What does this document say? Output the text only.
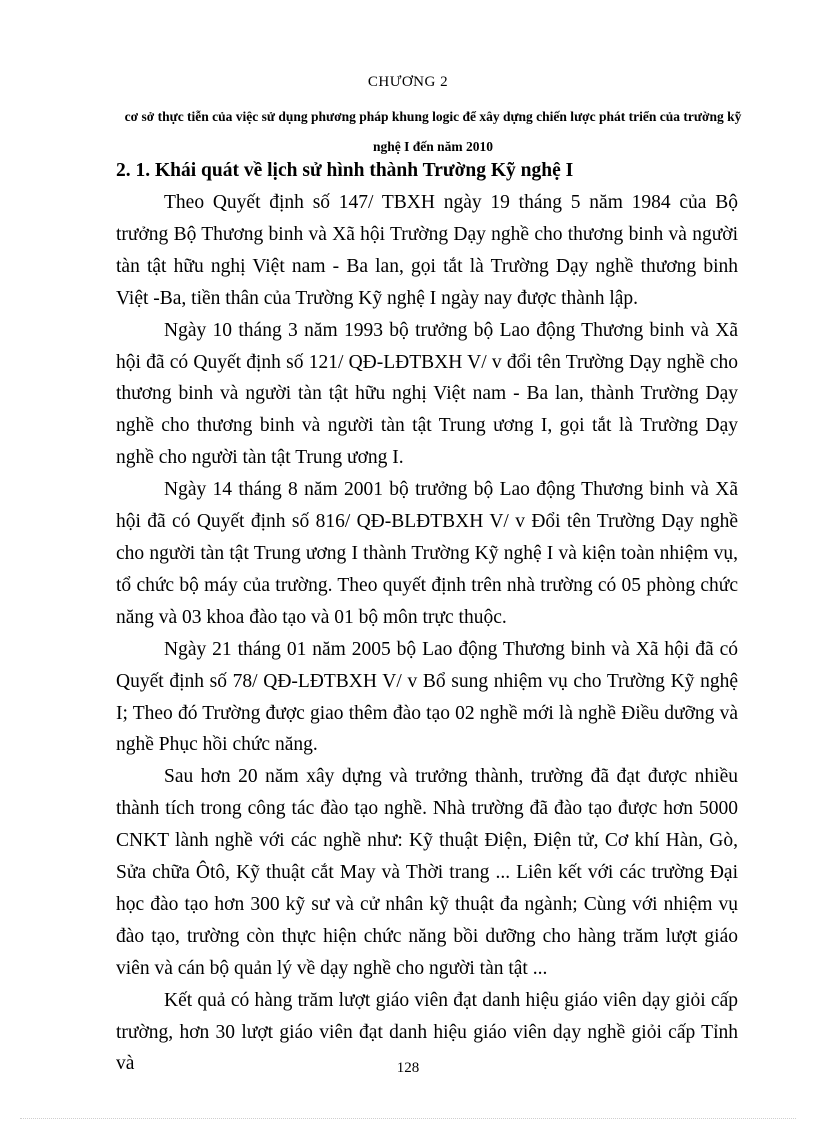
CHƯƠNG 2
cơ sở thực tiễn của việc sử dụng phương pháp khung logic để xây dựng chiến lược phát triển của trường kỹ nghệ I đến năm 2010
2. 1. Khái quát về lịch sử hình thành Trường Kỹ nghệ I

Theo Quyết định số 147/ TBXH ngày 19 tháng 5 năm 1984 của Bộ trưởng Bộ Thương binh và Xã hội Trường Dạy nghề cho thương binh và người tàn tật hữu nghị Việt nam - Ba lan, gọi tắt là Trường Dạy nghề thương binh Việt -Ba, tiền thân của Trường Kỹ nghệ I ngày nay được thành lập.

Ngày 10 tháng 3 năm 1993 bộ trưởng bộ Lao động Thương binh và Xã hội đã có Quyết định số 121/ QĐ-LĐTBXH V/ v đổi tên Trường Dạy nghề cho thương binh và người tàn tật hữu nghị Việt nam - Ba lan, thành Trường Dạy nghề cho thương binh và người tàn tật Trung ương I, gọi tắt là Trường Dạy nghề cho người tàn tật Trung ương I.

Ngày 14 tháng 8 năm 2001 bộ trưởng bộ Lao động Thương binh và Xã hội đã có Quyết định số 816/ QĐ-BLĐTBXH V/ v Đổi tên Trường Dạy nghề cho người tàn tật Trung ương I thành Trường Kỹ nghệ I và kiện toàn nhiệm vụ, tổ chức bộ máy của trường. Theo quyết định trên nhà trường có 05 phòng chức năng và 03 khoa đào tạo và 01 bộ môn trực thuộc.

Ngày 21 tháng 01 năm 2005 bộ Lao động Thương binh và Xã hội đã có Quyết định số 78/ QĐ-LĐTBXH V/ v Bổ sung nhiệm vụ cho Trường Kỹ nghệ I; Theo đó Trường được giao thêm đào tạo 02 nghề mới là nghề Điều dưỡng và nghề Phục hồi chức năng.

Sau hơn 20 năm xây dựng và trưởng thành, trường đã đạt được nhiều thành tích trong công tác đào tạo nghề. Nhà trường đã đào tạo được hơn 5000 CNKT lành nghề với các nghề như: Kỹ thuật Điện, Điện tử, Cơ khí Hàn, Gò, Sửa chữa Ôtô, Kỹ thuật cắt May và Thời trang ... Liên kết với các trường Đại học đào tạo hơn 300 kỹ sư và cử nhân kỹ thuật đa ngành; Cùng với nhiệm vụ đào tạo, trường còn thực hiện chức năng bồi dưỡng cho hàng trăm lượt giáo viên và cán bộ quản lý về dạy nghề cho người tàn tật ...

Kết quả có hàng trăm lượt giáo viên đạt danh hiệu giáo viên dạy giỏi cấp trường, hơn 30 lượt giáo viên đạt danh hiệu giáo viên dạy nghề giỏi cấp Tỉnh và	128
